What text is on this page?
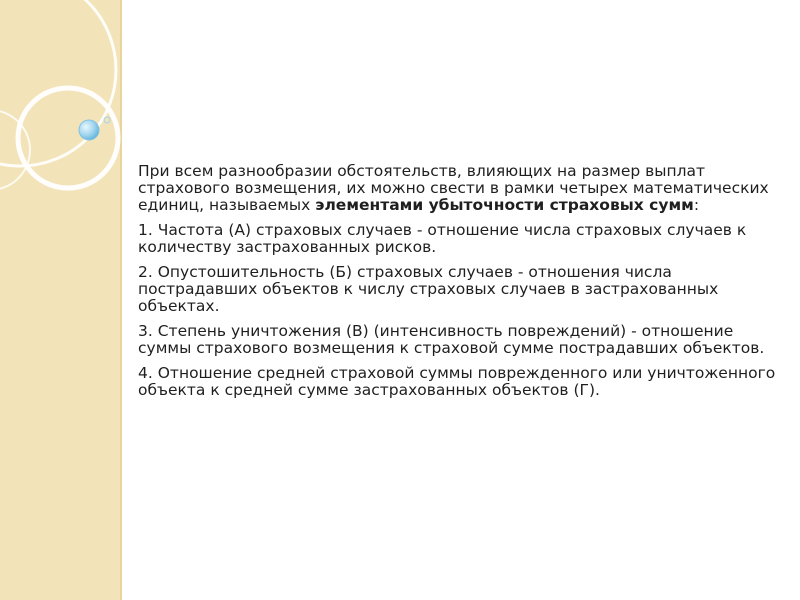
При всем разнообразии обстоятельств, влияющих на размер выплат страхового возмещения, их можно свести в рамки четырех математических единиц, называемых элементами убыточности страховых сумм:

1. Частота (А) страховых случаев - отношение числа страховых случаев к количеству застрахованных рисков.

2. Опустошительность (Б) страховых случаев - отношения числа пострадавших объектов к числу страховых случаев в застрахованных объектах.

3. Степень уничтожения (В) (интенсивность повреждений) - отношение суммы страхового возмещения к страховой сумме пострадавших объектов.

4. Отношение средней страховой суммы поврежденного или уничтоженного объекта к средней сумме застрахованных объектов (Г).
